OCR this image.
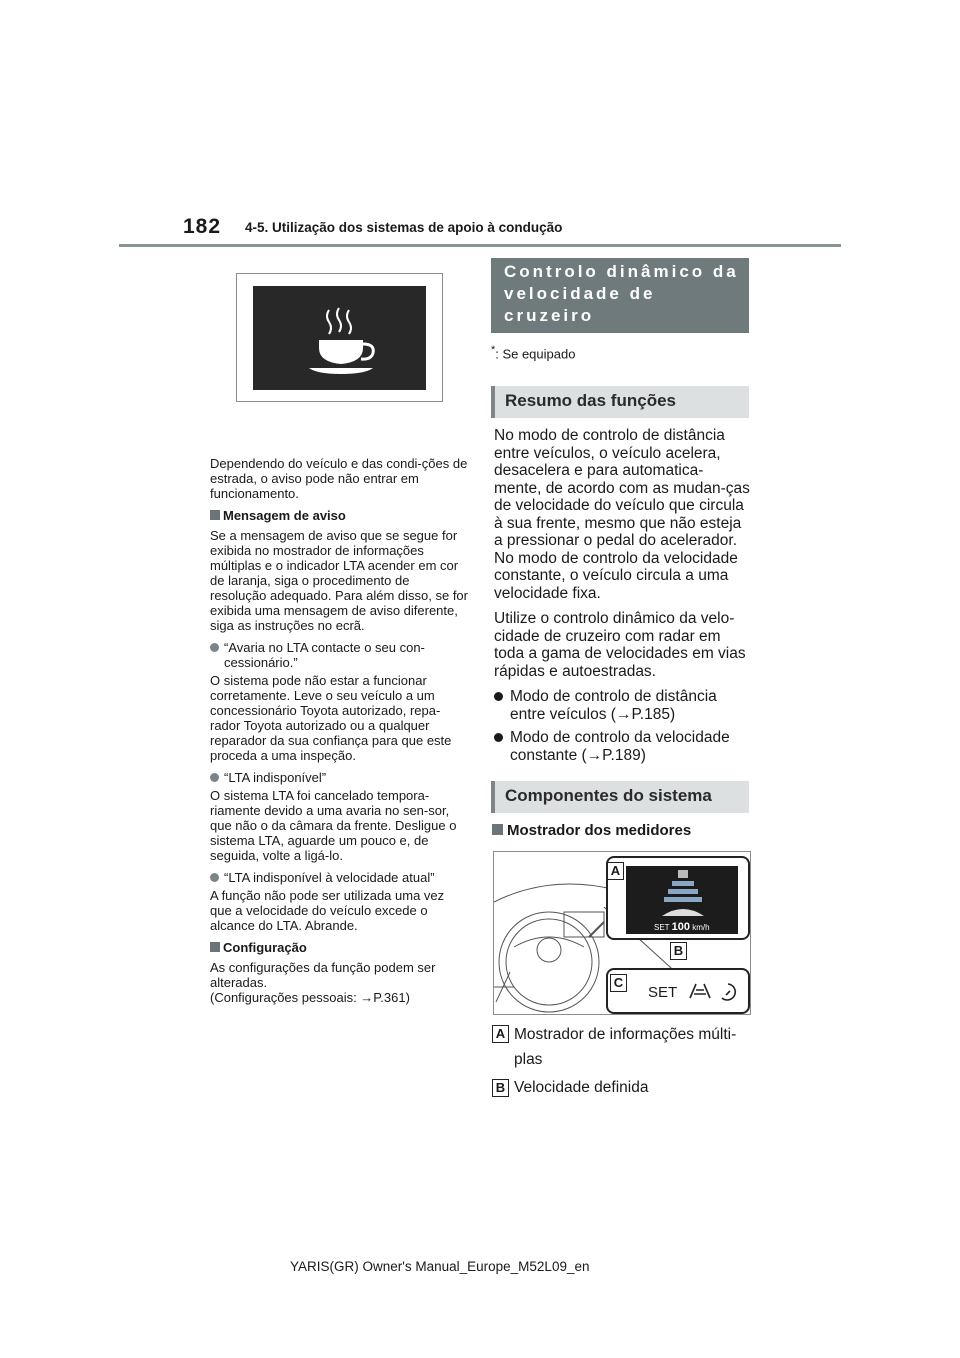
182 4-5. Utilização dos sistemas de apoio à condução

Dependendo do veículo e das condi-ções de estrada, o aviso pode não entrar em funcionamento.

Mensagem de aviso

Se a mensagem de aviso que se segue for exibida no mostrador de informações múltiplas e o indicador LTA acender em cor de laranja, siga o procedimento de resolução adequado. Para além disso, se for exibida uma mensagem de aviso diferente, siga as instruções no ecrã.

“Avaria no LTA contacte o seu con-cessionário.”

O sistema pode não estar a funcionar corretamente. Leve o seu veículo a um concessionário Toyota autorizado, repa-rador Toyota autorizado ou a qualquer reparador da sua confiança para que este proceda a uma inspeção.

“LTA indisponível”

O sistema LTA foi cancelado tempora-riamente devido a uma avaria no sen-sor, que não o da câmara da frente. Desligue o sistema LTA, aguarde um pouco e, de seguida, volte a ligá-lo.

“LTA indisponível à velocidade atual”

A função não pode ser utilizada uma vez que a velocidade do veículo excede o alcance do LTA. Abrande.

Configuração

As configurações da função podem ser alteradas.

(Configurações pessoais: →P.361)

Controlo dinâmico da
velocidade de cruzeiro
com radar*
*: Se equipado
Resumo das funções

No modo de controlo de distância entre veículos, o veículo acelera, desacelera e para automatica-mente, de acordo com as mudan-ças de velocidade do veículo que circula à sua frente, mesmo que não esteja a pressionar o pedal do acelerador. No modo de controlo da velocidade constante, o veículo circula a uma velocidade fixa.

Utilize o controlo dinâmico da velo-cidade de cruzeiro com radar em toda a gama de velocidades em vias rápidas e autoestradas.

Modo de controlo de distância entre veículos (→P.185)
Modo de controlo da velocidade constante (→P.189)
Componentes do sistema
Mostrador dos medidores
SET 100 km/h
A
B
C
SET
A Mostrador de informações múlti-plas
B Velocidade definida
YARIS(GR) Owner's Manual_Europe_M52L09_en
